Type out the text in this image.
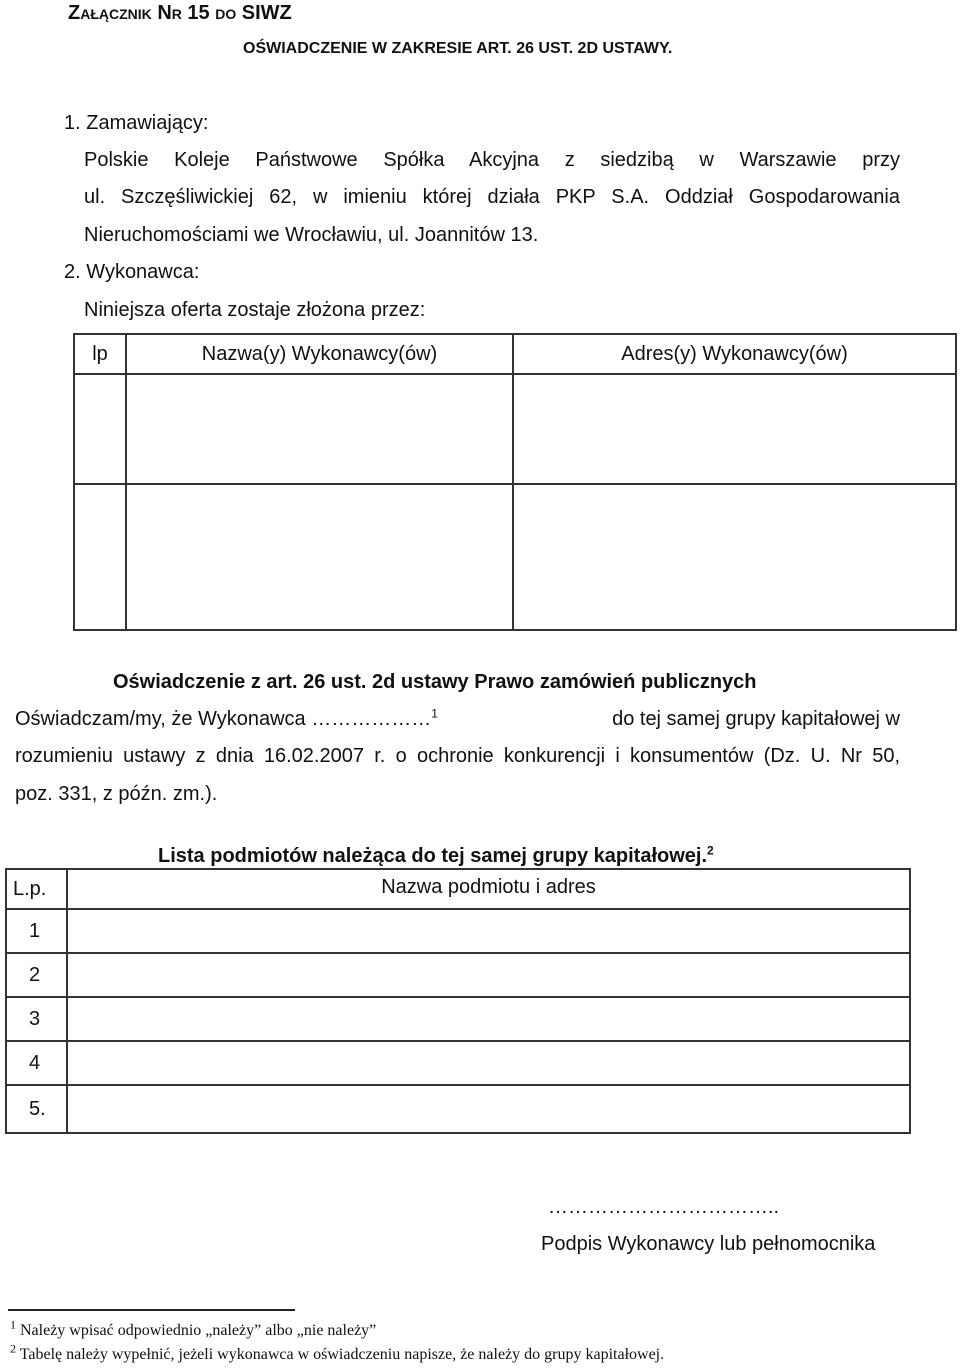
Załącznik Nr 15 do SIWZ
OŚWIADCZENIE W ZAKRESIE ART. 26 UST. 2D USTAWY.
1. Zamawiający:
Polskie Koleje Państwowe Spółka Akcyjna z siedzibą w Warszawie przy
ul. Szczęśliwickiej 62, w imieniu której działa PKP S.A. Oddział Gospodarowania
Nieruchomościami we Wrocławiu, ul. Joannitów 13.
2. Wykonawca:
Niniejsza oferta zostaje złożona przez:
lp	Nazwa(y) Wykonawcy(ów)	Adres(y) Wykonawcy(ów)

Oświadczenie z art. 26 ust. 2d ustawy Prawo zamówień publicznych
Oświadczam/my, że Wykonawca ………………$^1$	do tej samej grupy kapitałowej w
rozumieniu ustawy z dnia 16.02.2007 r. o ochronie konkurencji i konsumentów (Dz. U. Nr 50,
poz. 331, z późn. zm.).
Lista podmiotów należąca do tej samej grupy kapitałowej.$^2$
L.p.	Nazwa podmiotu i adres
1	
2	
3	
4	
5.	
……………………………..
Podpis Wykonawcy lub pełnomocnika
$^1$ Należy wpisać odpowiednio „należy” albo „nie należy”
$^2$ Tabelę należy wypełnić, jeżeli wykonawca w oświadczeniu napisze, że należy do grupy kapitałowej.
